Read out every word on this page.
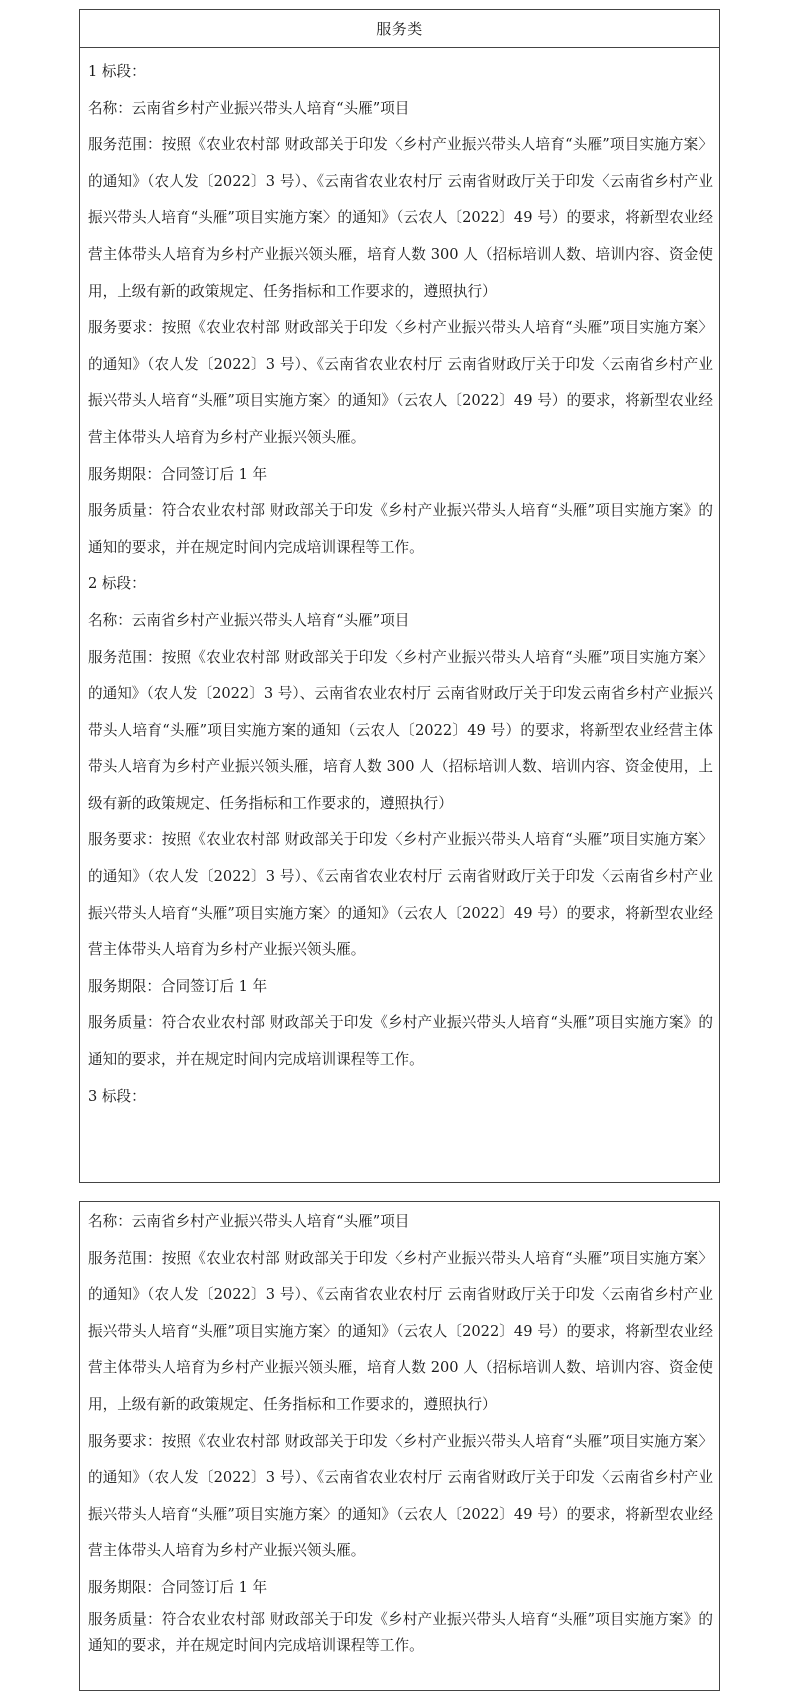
服务类

1 标段：

名称：云南省乡村产业振兴带头人培育“头雁”项目

服务范围：按照《农业农村部 财政部关于印发〈乡村产业振兴带头人培育“头雁”项目实施方案〉的通知》（农人发〔2022〕3 号）、《云南省农业农村厅 云南省财政厅关于印发〈云南省乡村产业振兴带头人培育“头雁”项目实施方案〉的通知》（云农人〔2022〕49 号）的要求，将新型农业经营主体带头人培育为乡村产业振兴领头雁，培育人数 300 人（招标培训人数、培训内容、资金使用，上级有新的政策规定、任务指标和工作要求的，遵照执行）

服务要求：按照《农业农村部 财政部关于印发〈乡村产业振兴带头人培育“头雁”项目实施方案〉的通知》（农人发〔2022〕3 号）、《云南省农业农村厅 云南省财政厅关于印发〈云南省乡村产业振兴带头人培育“头雁”项目实施方案〉的通知》（云农人〔2022〕49 号）的要求，将新型农业经营主体带头人培育为乡村产业振兴领头雁。

服务期限：合同签订后 1 年

服务质量：符合农业农村部 财政部关于印发《乡村产业振兴带头人培育“头雁”项目实施方案》的通知的要求，并在规定时间内完成培训课程等工作。

2 标段：

名称：云南省乡村产业振兴带头人培育“头雁”项目

服务范围：按照《农业农村部 财政部关于印发〈乡村产业振兴带头人培育“头雁”项目实施方案〉的通知》（农人发〔2022〕3 号）、云南省农业农村厅 云南省财政厅关于印发云南省乡村产业振兴带头人培育“头雁”项目实施方案的通知（云农人〔2022〕49 号）的要求，将新型农业经营主体带头人培育为乡村产业振兴领头雁，培育人数 300 人（招标培训人数、培训内容、资金使用，上级有新的政策规定、任务指标和工作要求的，遵照执行）

服务要求：按照《农业农村部 财政部关于印发〈乡村产业振兴带头人培育“头雁”项目实施方案〉的通知》（农人发〔2022〕3 号）、《云南省农业农村厅 云南省财政厅关于印发〈云南省乡村产业振兴带头人培育“头雁”项目实施方案〉的通知》（云农人〔2022〕49 号）的要求，将新型农业经营主体带头人培育为乡村产业振兴领头雁。

服务期限：合同签订后 1 年

服务质量：符合农业农村部 财政部关于印发《乡村产业振兴带头人培育“头雁”项目实施方案》的通知的要求，并在规定时间内完成培训课程等工作。

3 标段：

名称：云南省乡村产业振兴带头人培育“头雁”项目

服务范围：按照《农业农村部 财政部关于印发〈乡村产业振兴带头人培育“头雁”项目实施方案〉的通知》（农人发〔2022〕3 号）、《云南省农业农村厅 云南省财政厅关于印发〈云南省乡村产业振兴带头人培育“头雁”项目实施方案〉的通知》（云农人〔2022〕49 号）的要求，将新型农业经营主体带头人培育为乡村产业振兴领头雁，培育人数 200 人（招标培训人数、培训内容、资金使用，上级有新的政策规定、任务指标和工作要求的，遵照执行）

服务要求：按照《农业农村部 财政部关于印发〈乡村产业振兴带头人培育“头雁”项目实施方案〉的通知》（农人发〔2022〕3 号）、《云南省农业农村厅 云南省财政厅关于印发〈云南省乡村产业振兴带头人培育“头雁”项目实施方案〉的通知》（云农人〔2022〕49 号）的要求，将新型农业经营主体带头人培育为乡村产业振兴领头雁。

服务期限：合同签订后 1 年

服务质量：符合农业农村部 财政部关于印发《乡村产业振兴带头人培育“头雁”项目实施方案》的通知的要求，并在规定时间内完成培训课程等工作。
